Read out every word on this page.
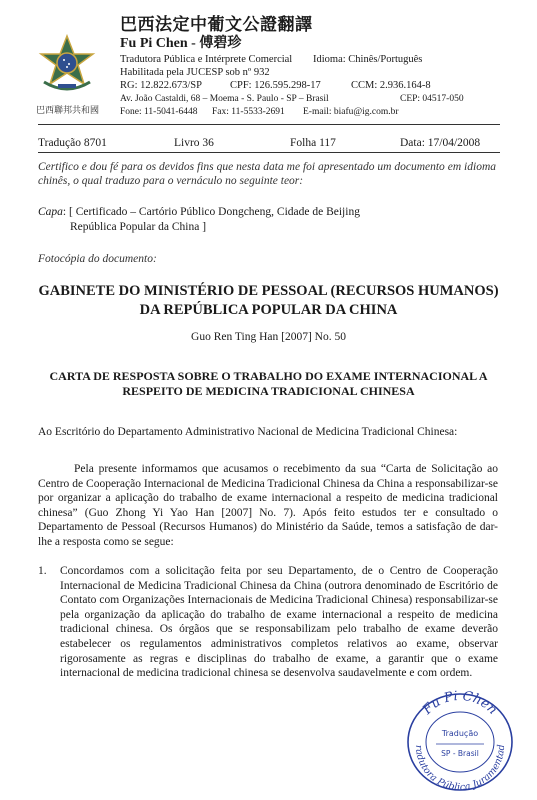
巴西聯邦共和國
巴西法定中葡文公證翻譯
Fu Pi Chen - 傅碧珍
Tradutora Pública e Intérprete Comercial Idioma: Chinês/Português
Habilitada pela JUCESP sob nº 932
RG: 12.822.673/SP	CPF: 126.595.298-17	CCM: 2.936.164-8
Av. João Castaldi, 68 – Moema - S. Paulo - SP – Brasil	CEP: 04517-050
Fone: 11-5041-6448 Fax: 11-5533-2691 E-mail: biafu@ig.com.br
Tradução 8701	Livro 36	Folha 117	Data: 17/04/2008
Certifico e dou fé para os devidos fins que nesta data me foi apresentado um documento em idioma chinês, o qual traduzo para o vernáculo no seguinte teor:
Capa: [ Certificado – Cartório Público Dongcheng, Cidade de Beijing
República Popular da China ]
Fotocópia do documento:
GABINETE DO MINISTÉRIO DE PESSOAL (RECURSOS HUMANOS)
DA REPÚBLICA POPULAR DA CHINA
Guo Ren Ting Han [2007] No. 50
CARTA DE RESPOSTA SOBRE O TRABALHO DO EXAME INTERNACIONAL A
RESPEITO DE MEDICINA TRADICIONAL CHINESA
Ao Escritório do Departamento Administrativo Nacional de Medicina Tradicional Chinesa:
Pela presente informamos que acusamos o recebimento da sua “Carta de Solicitação ao Centro de Cooperação Internacional de Medicina Tradicional Chinesa da China a responsabilizar-se por organizar a aplicação do trabalho de exame internacional a respeito de medicina tradicional chinesa” (Guo Zhong Yi Yao Han [2007] No. 7). Após feito estudos ter e consultado o Departamento de Pessoal (Recursos Humanos) do Ministério da Saúde, temos a satisfação de dar-lhe a resposta como se segue:
1. Concordamos com a solicitação feita por seu Departamento, de o Centro de Cooperação Internacional de Medicina Tradicional Chinesa da China (outrora denominado de Escritório de Contato com Organizações Internacionais de Medicina Tradicional Chinesa) responsabilizar-se pela organização da aplicação do trabalho de exame internacional a respeito de medicina tradicional chinesa. Os órgãos que se responsabilizam pelo trabalho de exame deverão estabelecer os regulamentos administrativos completos relativos ao exame, observar rigorosamente as regras e disciplinas do trabalho de exame, a garantir que o exame internacional de medicina tradicional chinesa se desenvolva saudavelmente e com ordem.
Fu Pi Chen
radutora Pública Juramentad
Tradução
SP - Brasil
